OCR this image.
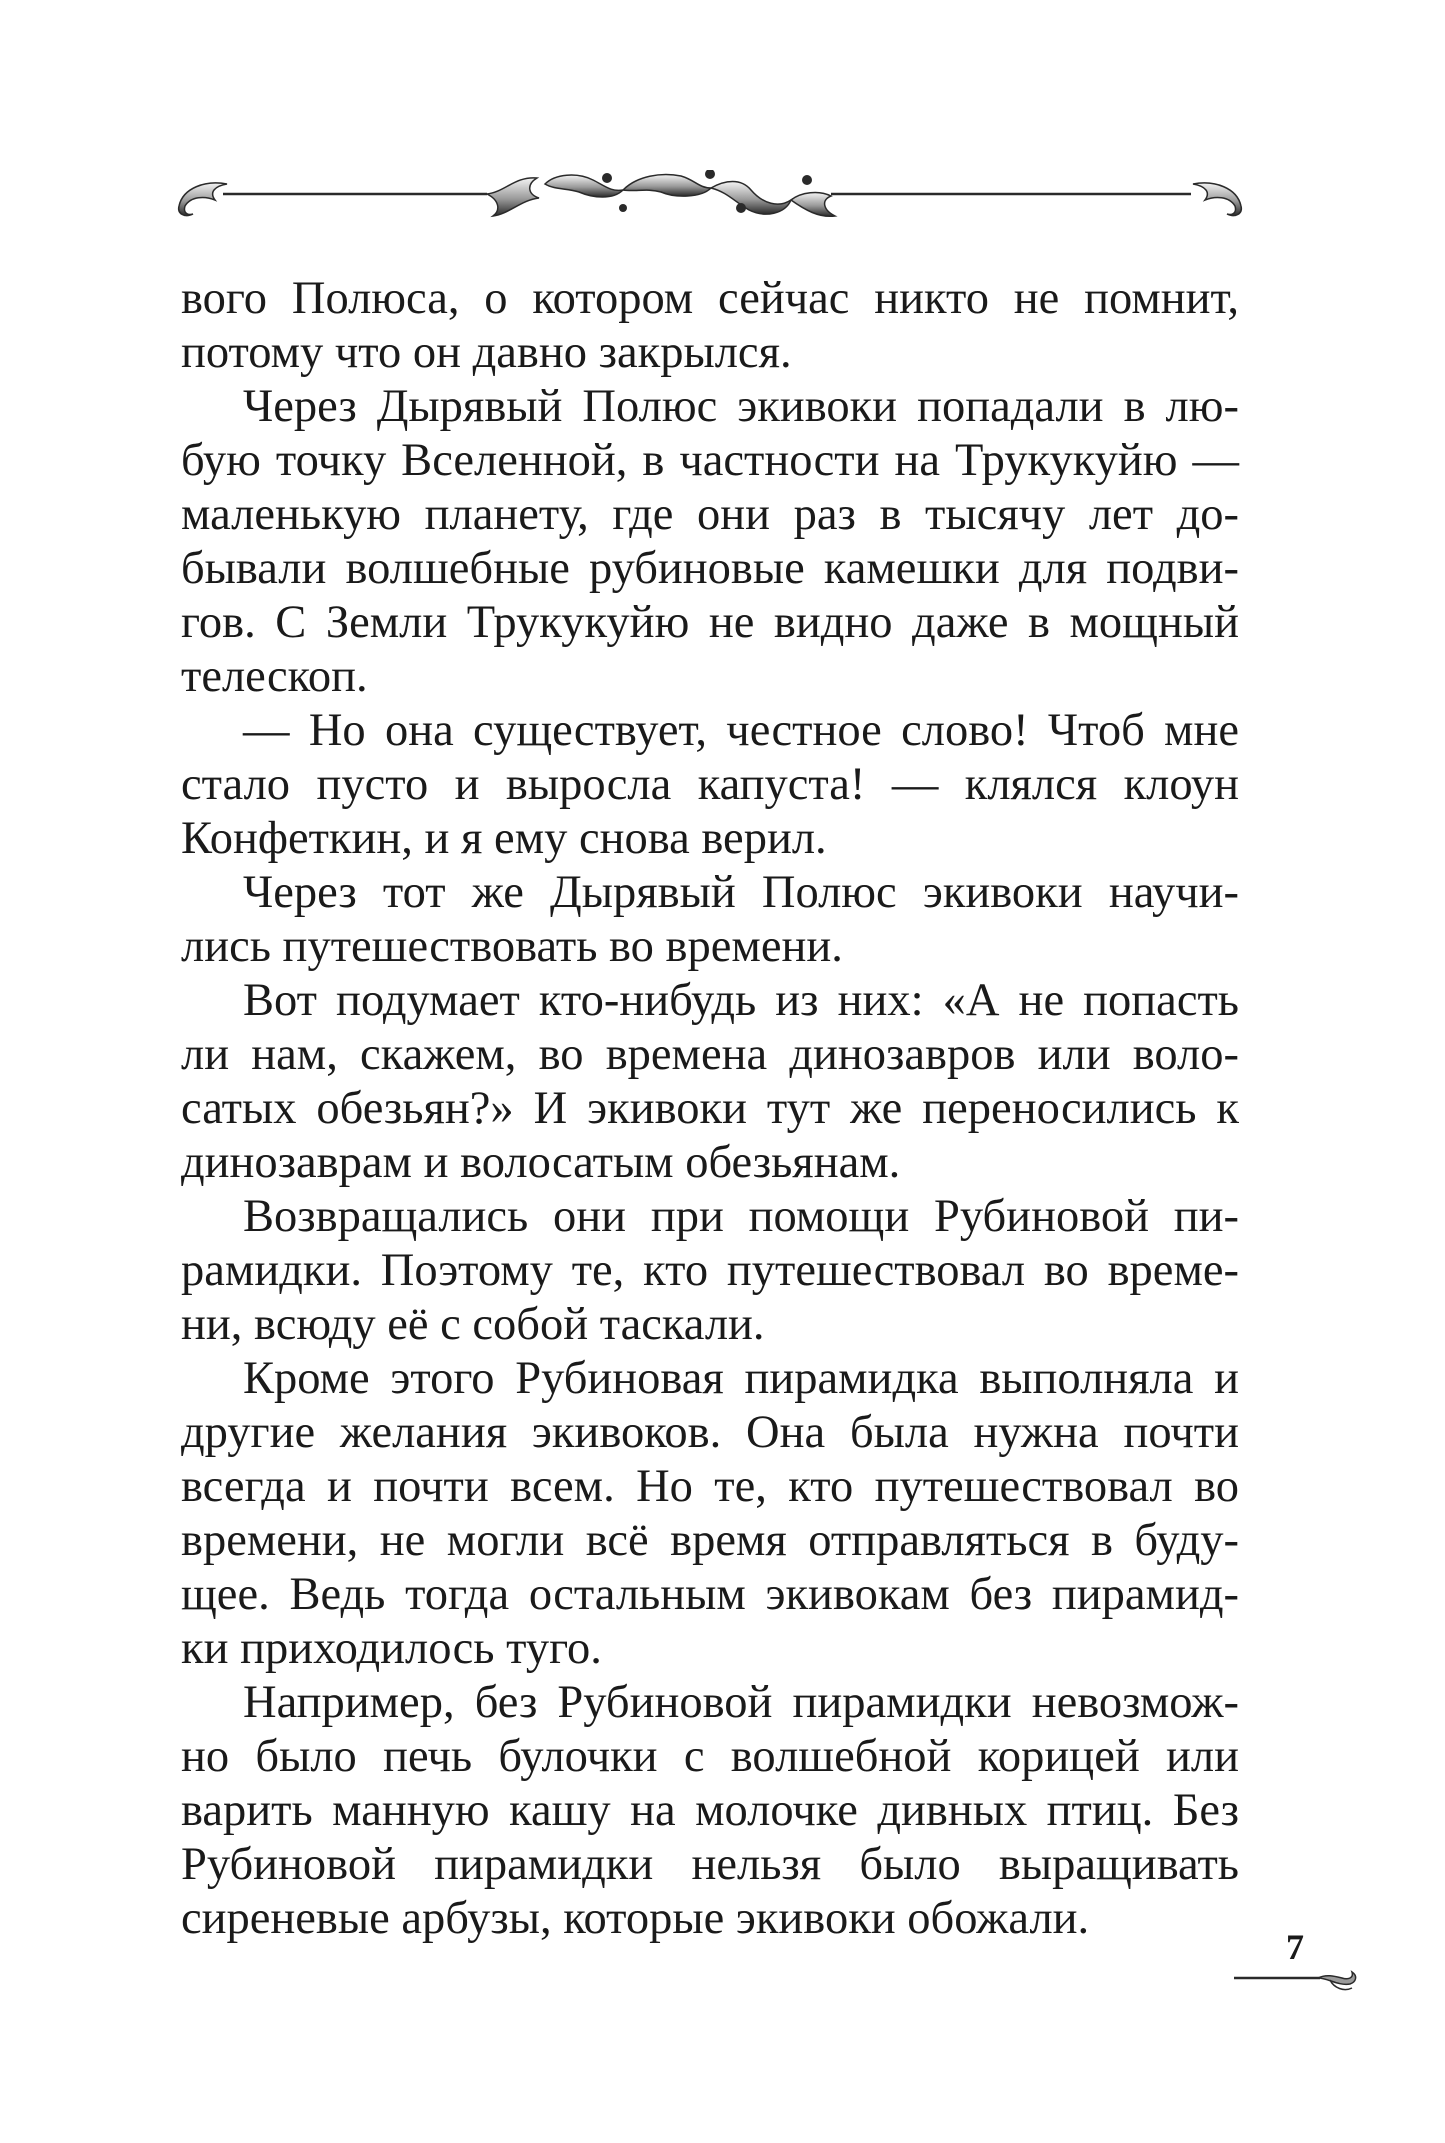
вого Полюса, о котором сейчас никто не помнит,
потому что он давно закрылся.
Через Дырявый Полюс экивоки попадали в лю-
бую точку Вселенной, в частности на Трукукуйю —
маленькую планету, где они раз в тысячу лет до-
бывали волшебные рубиновые камешки для подви-
гов. С Земли Трукукуйю не видно даже в мощный
телескоп.
— Но она существует, честное слово! Чтоб мне
стало пусто и выросла капуста! — клялся клоун
Конфеткин, и я ему снова верил.
Через тот же Дырявый Полюс экивоки научи-
лись путешествовать во времени.
Вот подумает кто-нибудь из них: «А не попасть
ли нам, скажем, во времена динозавров или воло-
сатых обезьян?» И экивоки тут же переносились к
динозаврам и волосатым обезьянам.
Возвращались они при помощи Рубиновой пи-
рамидки. Поэтому те, кто путешествовал во време-
ни, всюду её с собой таскали.
Кроме этого Рубиновая пирамидка выполняла и
другие желания экивоков. Она была нужна почти
всегда и почти всем. Но те, кто путешествовал во
времени, не могли всё время отправляться в буду-
щее. Ведь тогда остальным экивокам без пирамид-
ки приходилось туго.
Например, без Рубиновой пирамидки невозмож-
но было печь булочки с волшебной корицей или
варить манную кашу на молочке дивных птиц. Без
Рубиновой пирамидки нельзя было выращивать
сиреневые арбузы, которые экивоки обожали.
7
